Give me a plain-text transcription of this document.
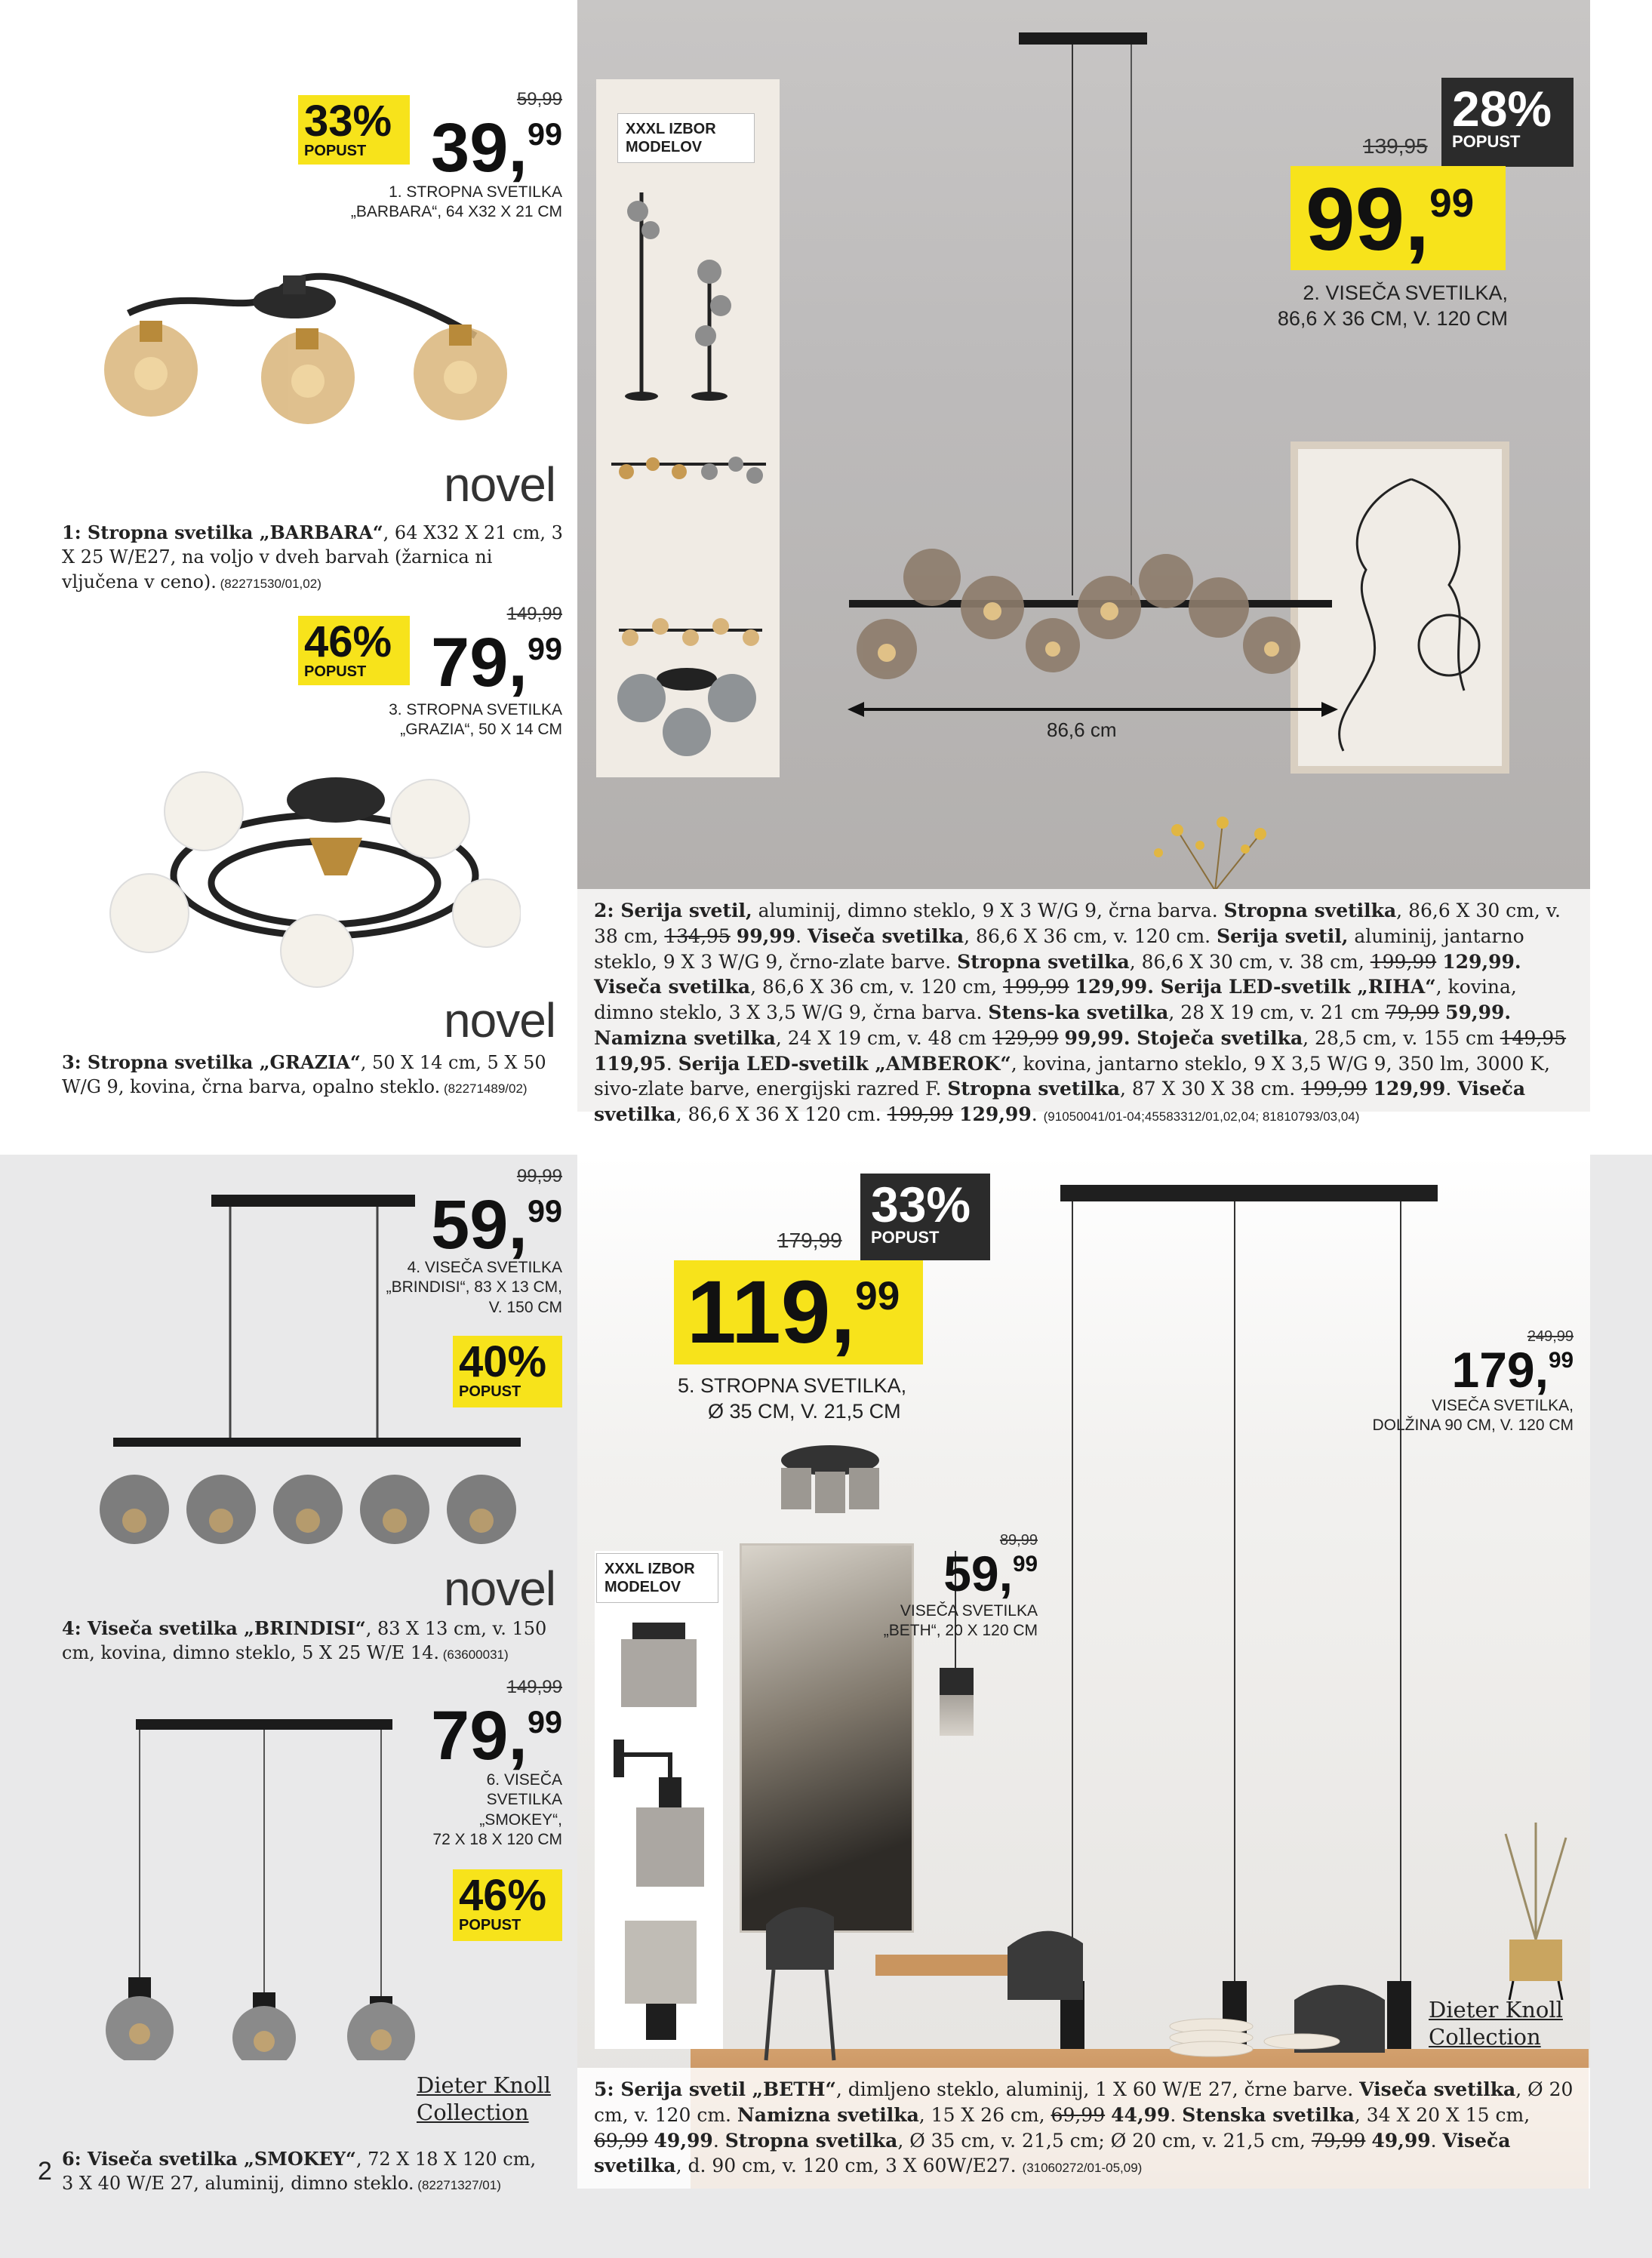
33%
POPUST
59,99
39,99
1. STROPNA SVETILKA
„BARBARA“, 64 X32 X 21 CM
novel
1: Stropna svetilka „BARBARA“, 64 X32 X 21 cm, 3 X 25 W/E27, na voljo v dveh barvah (žarnica ni vljučena v ceno). (82271530/01,02)
46%
POPUST
149,99
79,99
3. STROPNA SVETILKA
„GRAZIA“, 50 X 14 CM
novel
3: Stropna svetilka „GRAZIA“, 50 X 14 cm, 5 X 50 W/G 9, kovina, črna barva, opalno steklo. (82271489/02)
86,6 cm
XXXL IZBOR
MODELOV
28%
POPUST
139,95
99,99
2. VISEČA SVETILKA,
86,6 X 36 CM, V. 120 CM
2: Serija svetil, aluminij, dimno steklo, 9 X 3 W/G 9, črna barva. Stropna svetilka, 86,6 X 30 cm, v. 38 cm, 134,95 99,99. Viseča svetilka, 86,6 X 36 cm, v. 120 cm. Serija svetil, aluminij, jantarno steklo, 9 X 3 W/G 9, črno-zlate barve. Stropna svetilka, 86,6 X 30 cm, v. 38 cm, 199,99 129,99. Viseča svetilka, 86,6 X 36 cm, v. 120 cm, 199,99 129,99. Serija LED-svetilk „RIHA“, kovina, dimno steklo, 3 X 3,5 W/G 9, črna barva. Stens-ka svetilka, 28 X 19 cm, v. 21 cm 79,99 59,99. Namizna svetilka, 24 X 19 cm, v. 48 cm 129,99 99,99. Stoječa svetilka, 28,5 cm, v. 155 cm 149,95 119,95. Serija LED-svetilk „AMBEROK“, kovina, jantarno steklo, 9 X 3,5 W/G 9, 350 lm, 3000 K, sivo-zlate barve, energijski razred F. Stropna svetilka, 87 X 30 X 38 cm. 199,99 129,99. Viseča svetilka, 86,6 X 36 X 120 cm. 199,99 129,99. (91050041/01-04;45583312/01,02,04; 81810793/03,04)
99,99
59,99
4. VISEČA SVETILKA
„BRINDISI“, 83 X 13 CM,
V. 150 CM
40%
POPUST
novel
4: Viseča svetilka „BRINDISI“, 83 X 13 cm, v. 150 cm, kovina, dimno steklo, 5 X 25 W/E 14. (63600031)
149,99
79,99
6. VISEČA
SVETILKA
„SMOKEY“,
72 X 18 X 120 CM
46%
POPUST
Dieter Knoll
Collection
2 6: Viseča svetilka „SMOKEY“, 72 X 18 X 120 cm, 3 X 40 W/E 27, aluminij, dimno steklo. (82271327/01)
XXXL IZBOR
MODELOV
33%
POPUST
179,99
119,99
5. STROPNA SVETILKA,
Ø 35 CM, V. 21,5 CM
249,99
179,99
VISEČA SVETILKA,
DOLŽINA 90 CM, V. 120 CM
89,99
59,99
VISEČA SVETILKA
„BETH“, 20 X 120 CM
Dieter Knoll
Collection
5: Serija svetil „BETH“, dimljeno steklo, aluminij, 1 X 60 W/E 27, črne barve. Viseča svetilka, Ø 20 cm, v. 120 cm. Namizna svetilka, 15 X 26 cm, 69,99 44,99. Stenska svetilka, 34 X 20 X 15 cm, 69,99 49,99. Stropna svetilka, Ø 35 cm, v. 21,5 cm; Ø 20 cm, v. 21,5 cm, 79,99 49,99. Viseča svetilka, d. 90 cm, v. 120 cm, 3 X 60W/E27. (31060272/01-05,09)
